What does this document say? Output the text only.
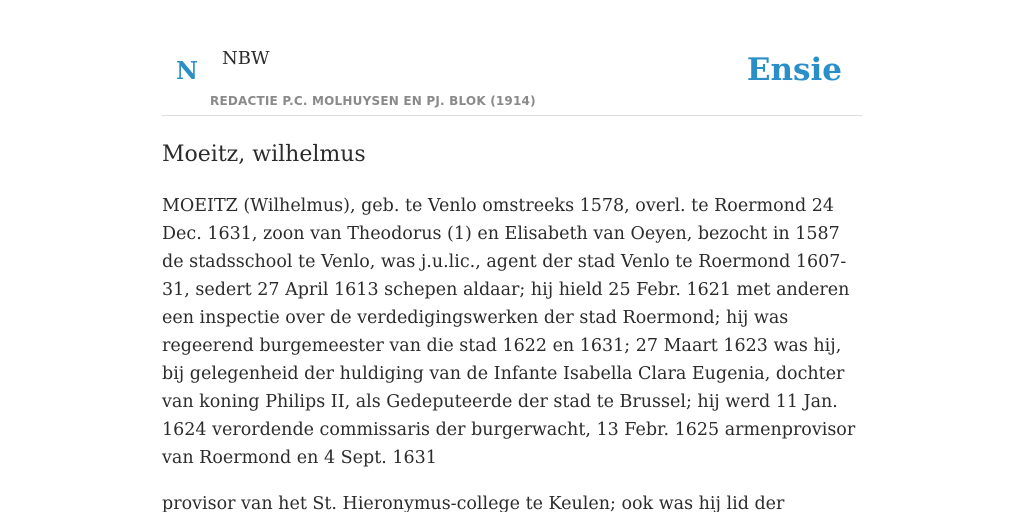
N NBW
REDACTIE P.C. MOLHUYSEN EN PJ. BLOK (1914)
Ensie
Moeitz, wilhelmus

MOEITZ (Wilhelmus), geb. te Venlo omstreeks 1578, overl. te Roermond 24 Dec. 1631, zoon van Theodorus (1) en Elisabeth van Oeyen, bezocht in 1587 de stadsschool te Venlo, was j.u.lic., agent der stad Venlo te Roermond 1607-31, sedert 27 April 1613 schepen aldaar; hij hield 25 Febr. 1621 met anderen een inspectie over de verdedigingswerken der stad Roermond; hij was regeerend burgemeester van die stad 1622 en 1631; 27 Maart 1623 was hij, bij gelegenheid der huldiging van de Infante Isabella Clara Eugenia, dochter van koning Philips II, als Gedeputeerde der stad te Brussel; hij werd 11 Jan. 1624 verordende commissaris der burgerwacht, 13 Febr. 1625 armenprovisor van Roermond en 4 Sept. 1631

provisor van het St. Hieronymus-college te Keulen; ook was hij lid der
